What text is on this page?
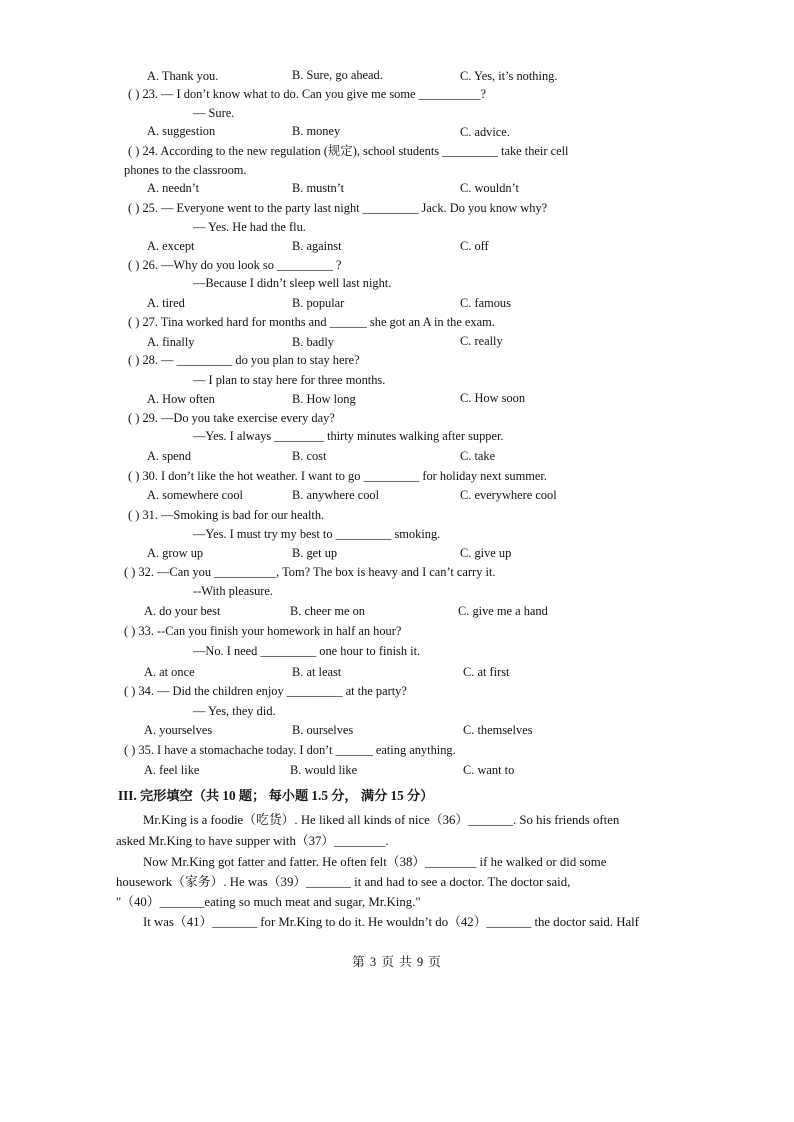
A. Thank you.	B. Sure, go ahead.	C. Yes, it’s nothing.
( ) 23. — I don’t know what to do. Can you give me some __________?
— Sure.
A. suggestion	B. money	C. advice.
( ) 24. According to the new regulation (规定), school students _________ take their cell
phones to the classroom.
A. needn’t	B. mustn’t	C. wouldn’t
( ) 25. — Everyone went to the party last night _________ Jack. Do you know why?
— Yes. He had the flu.
A. except	B. against	C. off
( ) 26. —Why do you look so _________ ?
—Because I didn’t sleep well last night.
A. tired	B. popular	C. famous
( ) 27. Tina worked hard for months and ______ she got an A in the exam.
A. finally	B. badly	C. really
( ) 28. — _________ do you plan to stay here?
— I plan to stay here for three months.
A. How often	B. How long	C. How soon
( ) 29. —Do you take exercise every day?
—Yes. I always ________ thirty minutes walking after supper.
A. spend	B. cost	C. take
( ) 30. I don’t like the hot weather. I want to go _________ for holiday next summer.
A. somewhere cool	B. anywhere cool	C. everywhere cool
( ) 31. —Smoking is bad for our health.
—Yes. I must try my best to _________ smoking.
A. grow up	B. get up	C. give up
( ) 32. —Can you __________, Tom? The box is heavy and I can’t carry it.
--With pleasure.
A. do your best	B. cheer me on	C. give me a hand
( ) 33. --Can you finish your homework in half an hour?
—No. I need _________ one hour to finish it.
A. at once	B. at least	C. at first
( ) 34. — Did the children enjoy _________ at the party?
— Yes, they did.
A. yourselves	B. ourselves	C. themselves
( ) 35. I have a stomachache today. I don’t ______ eating anything.
A. feel like	B. would like	C. want to
III. 完形填空（共 10 题； 每小题 1.5 分， 满分 15 分）
Mr.King is a foodie（吃货）. He liked all kinds of nice（36）_______. So his friends often
asked Mr.King to have supper with（37）________.
Now Mr.King got fatter and fatter. He often felt（38）________ if he walked or did some
housework（家务）. He was（39）_______ it and had to see a doctor. The doctor said,
"（40）_______eating so much meat and sugar, Mr.King."
It was（41）_______ for Mr.King to do it. He wouldn’t do（42）_______ the doctor said. Half
第 3 页 共 9 页
